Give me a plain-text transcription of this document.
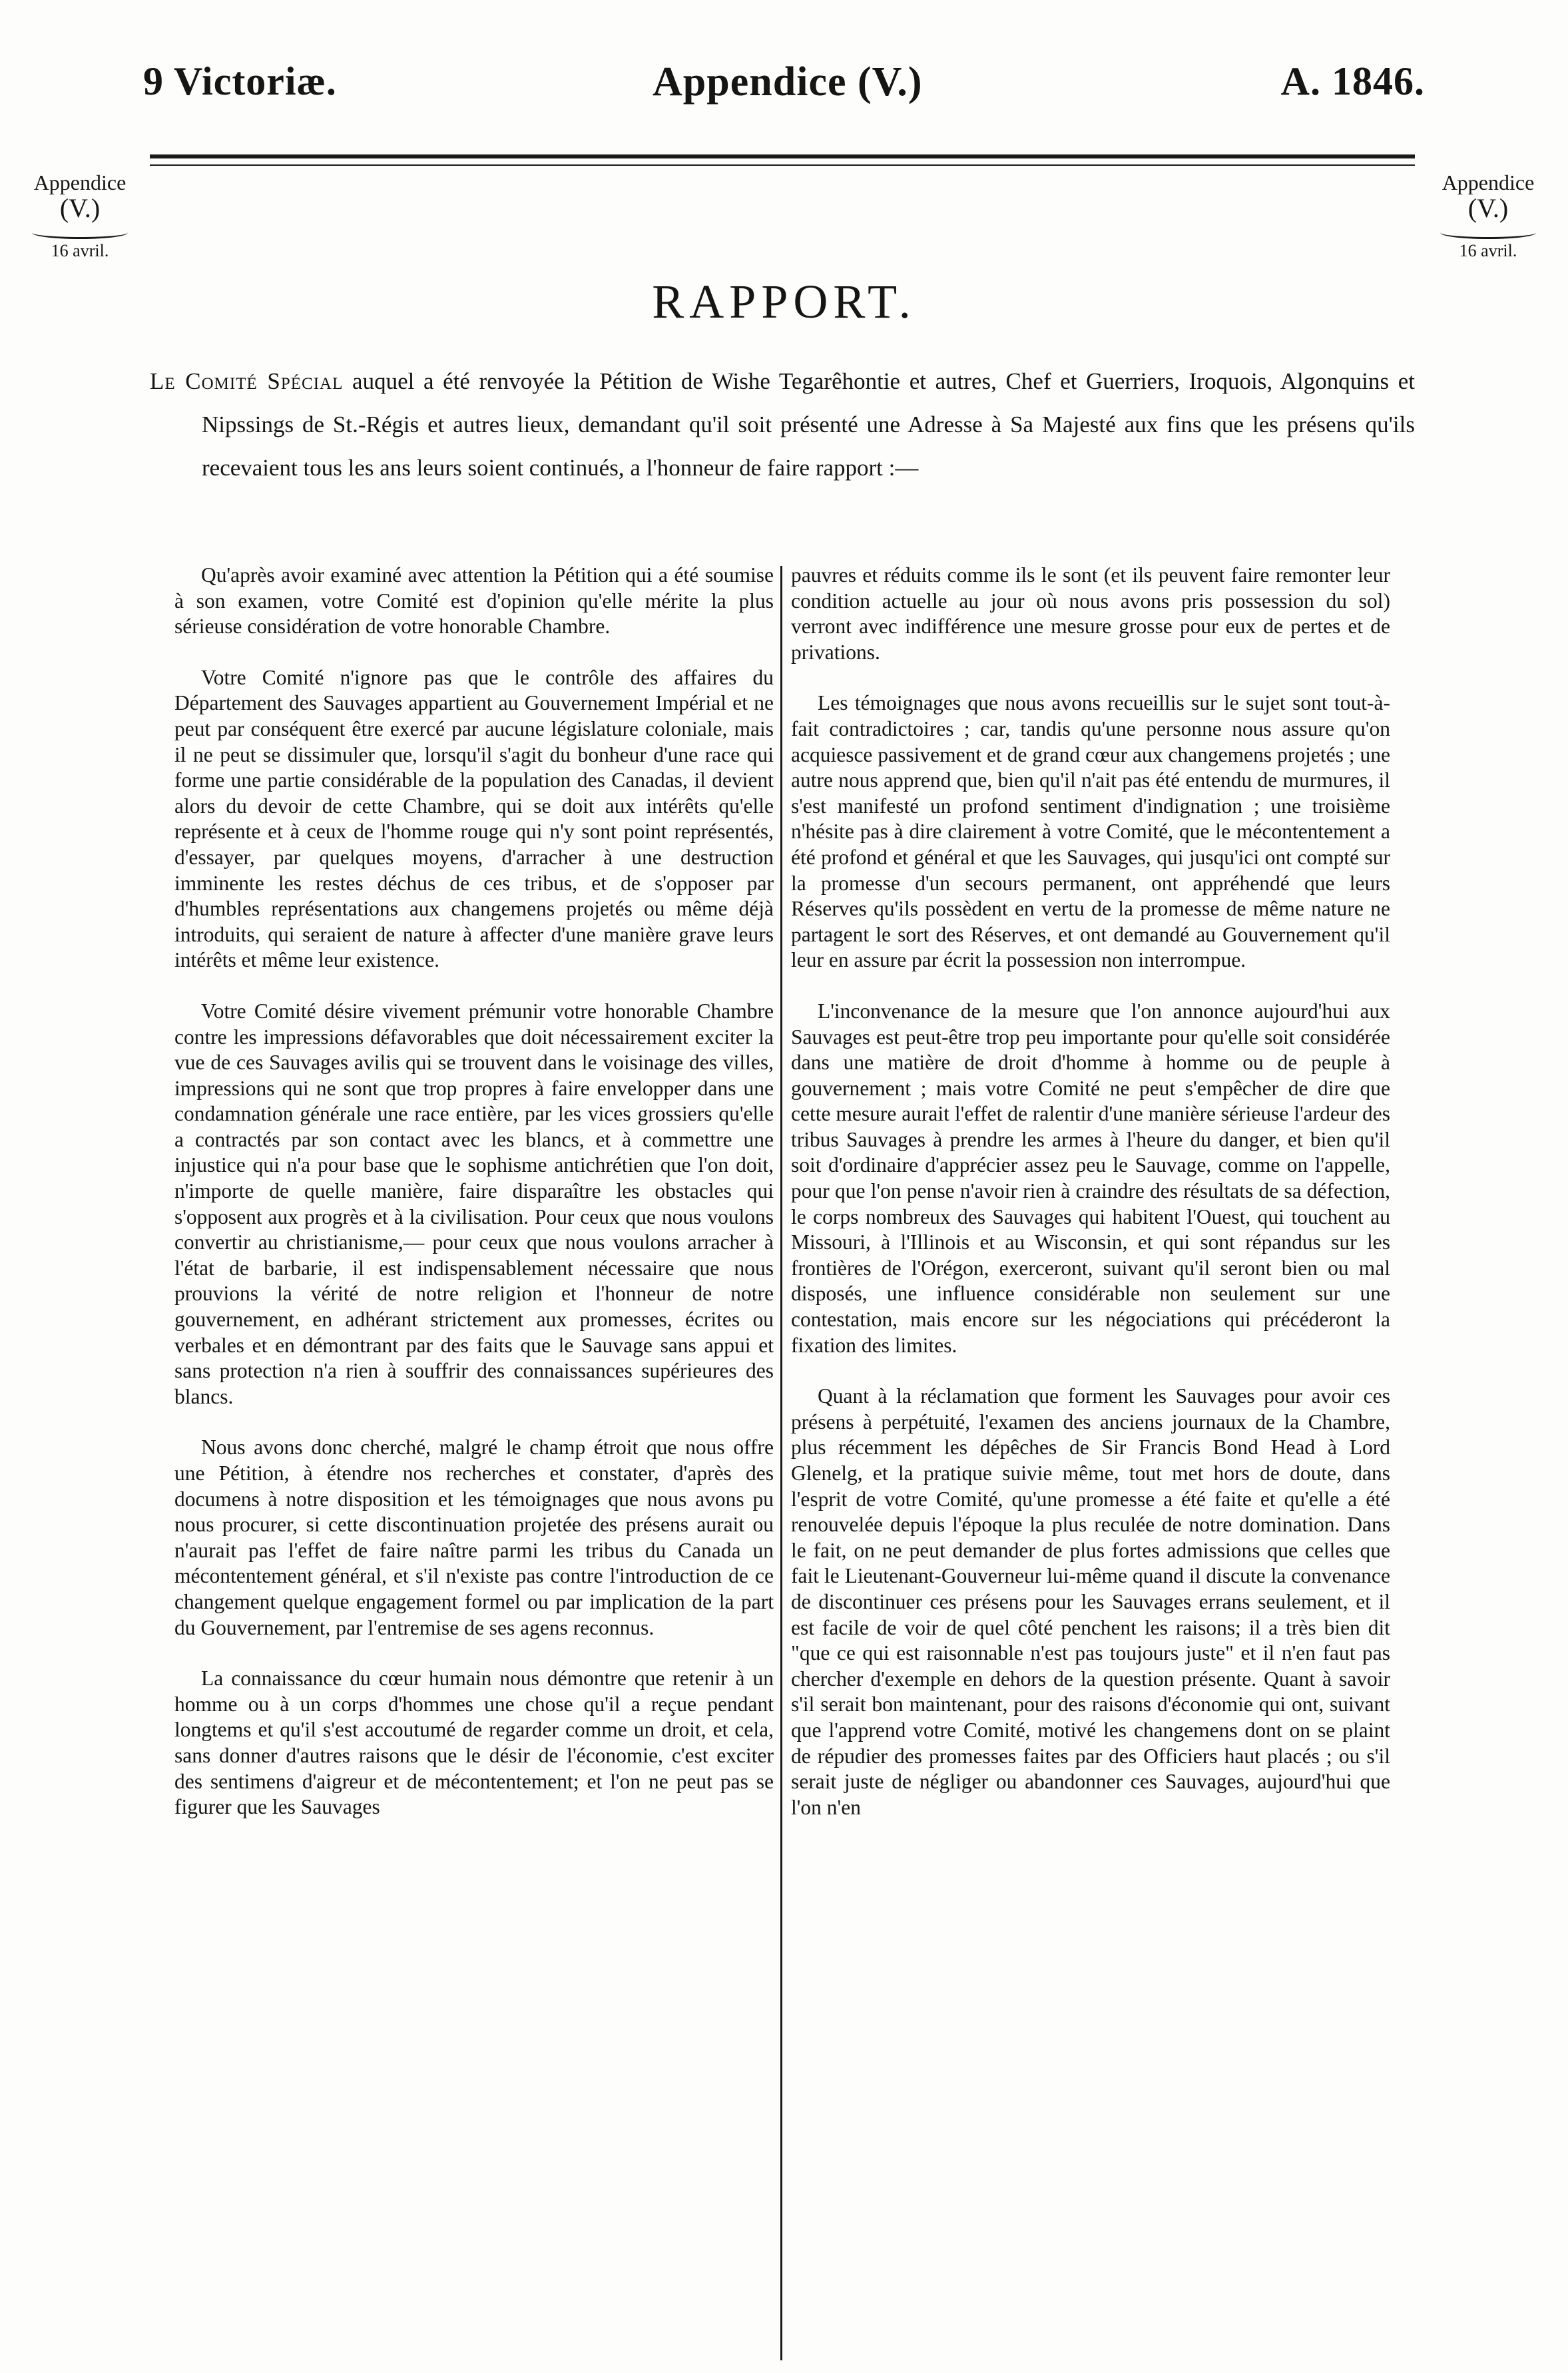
9 Victoriæ.	Appendice (V.)	A. 1846.
Appendice
(V.)
16 avril.
Appendice
(V.)
16 avril.
RAPPORT.
Le Comité Spécial auquel a été renvoyée la Pétition de Wishe Tegarêhontie et autres, Chef et Guerriers, Iroquois, Algonquins et Nipssings de St.-Régis et autres lieux, demandant qu'il soit présenté une Adresse à Sa Majesté aux fins que les présens qu'ils recevaient tous les ans leurs soient continués, a l'honneur de faire rapport :—

Qu'après avoir examiné avec attention la Pétition qui a été soumise à son examen, votre Comité est d'opinion qu'elle mérite la plus sérieuse considération de votre honorable Chambre.

Votre Comité n'ignore pas que le contrôle des affaires du Département des Sauvages appartient au Gouvernement Impérial et ne peut par conséquent être exercé par aucune législature coloniale, mais il ne peut se dissimuler que, lorsqu'il s'agit du bonheur d'une race qui forme une partie considérable de la population des Canadas, il devient alors du devoir de cette Chambre, qui se doit aux intérêts qu'elle représente et à ceux de l'homme rouge qui n'y sont point représentés, d'essayer, par quelques moyens, d'arracher à une destruction imminente les restes déchus de ces tribus, et de s'opposer par d'humbles représentations aux changemens projetés ou même déjà introduits, qui seraient de nature à affecter d'une manière grave leurs intérêts et même leur existence.

Votre Comité désire vivement prémunir votre honorable Chambre contre les impressions défavorables que doit nécessairement exciter la vue de ces Sauvages avilis qui se trouvent dans le voisinage des villes, impressions qui ne sont que trop propres à faire envelopper dans une condamnation générale une race entière, par les vices grossiers qu'elle a contractés par son contact avec les blancs, et à commettre une injustice qui n'a pour base que le sophisme antichrétien que l'on doit, n'importe de quelle manière, faire disparaître les obstacles qui s'opposent aux progrès et à la civilisation. Pour ceux que nous voulons convertir au christianisme,— pour ceux que nous voulons arracher à l'état de barbarie, il est indispensablement nécessaire que nous prouvions la vérité de notre religion et l'honneur de notre gouvernement, en adhérant strictement aux promesses, écrites ou verbales et en démontrant par des faits que le Sauvage sans appui et sans protection n'a rien à souffrir des connaissances supérieures des blancs.

Nous avons donc cherché, malgré le champ étroit que nous offre une Pétition, à étendre nos recherches et constater, d'après des documens à notre disposition et les témoignages que nous avons pu nous procurer, si cette discontinuation projetée des présens aurait ou n'aurait pas l'effet de faire naître parmi les tribus du Canada un mécontentement général, et s'il n'existe pas contre l'introduction de ce changement quelque engagement formel ou par implication de la part du Gouvernement, par l'entremise de ses agens reconnus.

La connaissance du cœur humain nous démontre que retenir à un homme ou à un corps d'hommes une chose qu'il a reçue pendant longtems et qu'il s'est accoutumé de regarder comme un droit, et cela, sans donner d'autres raisons que le désir de l'économie, c'est exciter des sentimens d'aigreur et de mécontentement; et l'on ne peut pas se figurer que les Sauvages

pauvres et réduits comme ils le sont (et ils peuvent faire remonter leur condition actuelle au jour où nous avons pris possession du sol) verront avec indifférence une mesure grosse pour eux de pertes et de privations.

Les témoignages que nous avons recueillis sur le sujet sont tout-à-fait contradictoires ; car, tandis qu'une personne nous assure qu'on acquiesce passivement et de grand cœur aux changemens projetés ; une autre nous apprend que, bien qu'il n'ait pas été entendu de murmures, il s'est manifesté un profond sentiment d'indignation ; une troisième n'hésite pas à dire clairement à votre Comité, que le mécontentement a été profond et général et que les Sauvages, qui jusqu'ici ont compté sur la promesse d'un secours permanent, ont appréhendé que leurs Réserves qu'ils possèdent en vertu de la promesse de même nature ne partagent le sort des Réserves, et ont demandé au Gouvernement qu'il leur en assure par écrit la possession non interrompue.

L'inconvenance de la mesure que l'on annonce aujourd'hui aux Sauvages est peut-être trop peu importante pour qu'elle soit considérée dans une matière de droit d'homme à homme ou de peuple à gouvernement ; mais votre Comité ne peut s'empêcher de dire que cette mesure aurait l'effet de ralentir d'une manière sérieuse l'ardeur des tribus Sauvages à prendre les armes à l'heure du danger, et bien qu'il soit d'ordinaire d'apprécier assez peu le Sauvage, comme on l'appelle, pour que l'on pense n'avoir rien à craindre des résultats de sa défection, le corps nombreux des Sauvages qui habitent l'Ouest, qui touchent au Missouri, à l'Illinois et au Wisconsin, et qui sont répandus sur les frontières de l'Orégon, exerceront, suivant qu'il seront bien ou mal disposés, une influence considérable non seulement sur une contestation, mais encore sur les négociations qui précéderont la fixation des limites.

Quant à la réclamation que forment les Sauvages pour avoir ces présens à perpétuité, l'examen des anciens journaux de la Chambre, plus récemment les dépêches de Sir Francis Bond Head à Lord Glenelg, et la pratique suivie même, tout met hors de doute, dans l'esprit de votre Comité, qu'une promesse a été faite et qu'elle a été renouvelée depuis l'époque la plus reculée de notre domination. Dans le fait, on ne peut demander de plus fortes admissions que celles que fait le Lieutenant-Gouverneur lui-même quand il discute la convenance de discontinuer ces présens pour les Sauvages errans seulement, et il est facile de voir de quel côté penchent les raisons; il a très bien dit "que ce qui est raisonnable n'est pas toujours juste" et il n'en faut pas chercher d'exemple en dehors de la question présente. Quant à savoir s'il serait bon maintenant, pour des raisons d'économie qui ont, suivant que l'apprend votre Comité, motivé les changemens dont on se plaint de répudier des promesses faites par des Officiers haut placés ; ou s'il serait juste de négliger ou abandonner ces Sauvages, aujourd'hui que l'on n'en
